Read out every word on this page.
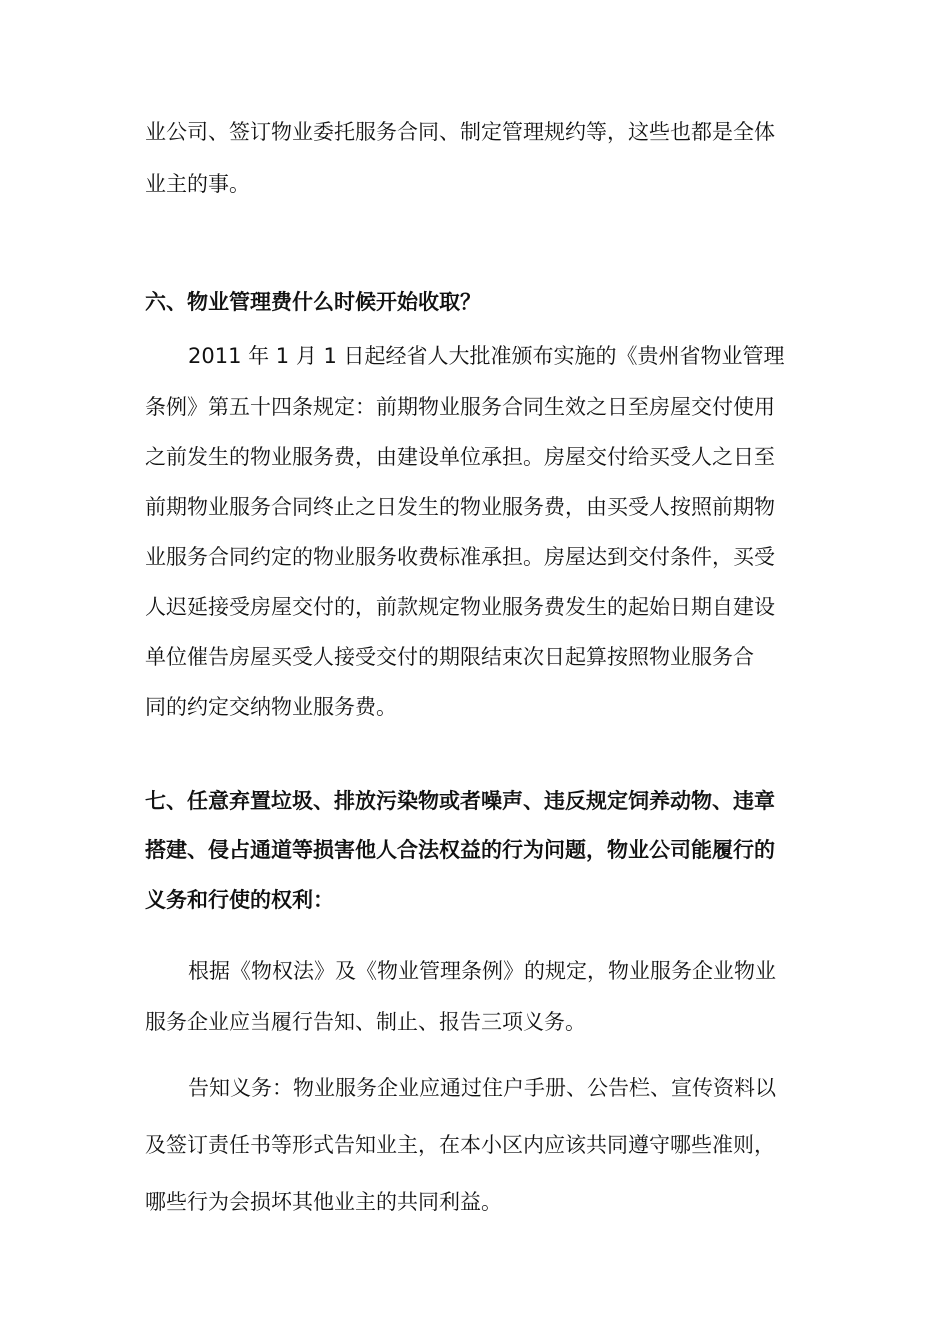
业公司、签订物业委托服务合同、制定管理规约等，这些也都是全体
业主的事。
六、物业管理费什么时候开始收取？
2011 年 1 月 1 日起经省人大批准颁布实施的《贵州省物业管理
条例》第五十四条规定：前期物业服务合同生效之日至房屋交付使用
之前发生的物业服务费，由建设单位承担。房屋交付给买受人之日至
前期物业服务合同终止之日发生的物业服务费，由买受人按照前期物
业服务合同约定的物业服务收费标准承担。房屋达到交付条件，买受
人迟延接受房屋交付的，前款规定物业服务费发生的起始日期自建设
单位催告房屋买受人接受交付的期限结束次日起算按照物业服务合
同的约定交纳物业服务费。
七、任意弃置垃圾、排放污染物或者噪声、违反规定饲养动物、违章
搭建、侵占通道等损害他人合法权益的行为问题，物业公司能履行的
义务和行使的权利：
根据《物权法》及《物业管理条例》的规定，物业服务企业物业
服务企业应当履行告知、制止、报告三项义务。
告知义务：物业服务企业应通过住户手册、公告栏、宣传资料以
及签订责任书等形式告知业主，在本小区内应该共同遵守哪些准则，
哪些行为会损坏其他业主的共同利益。
